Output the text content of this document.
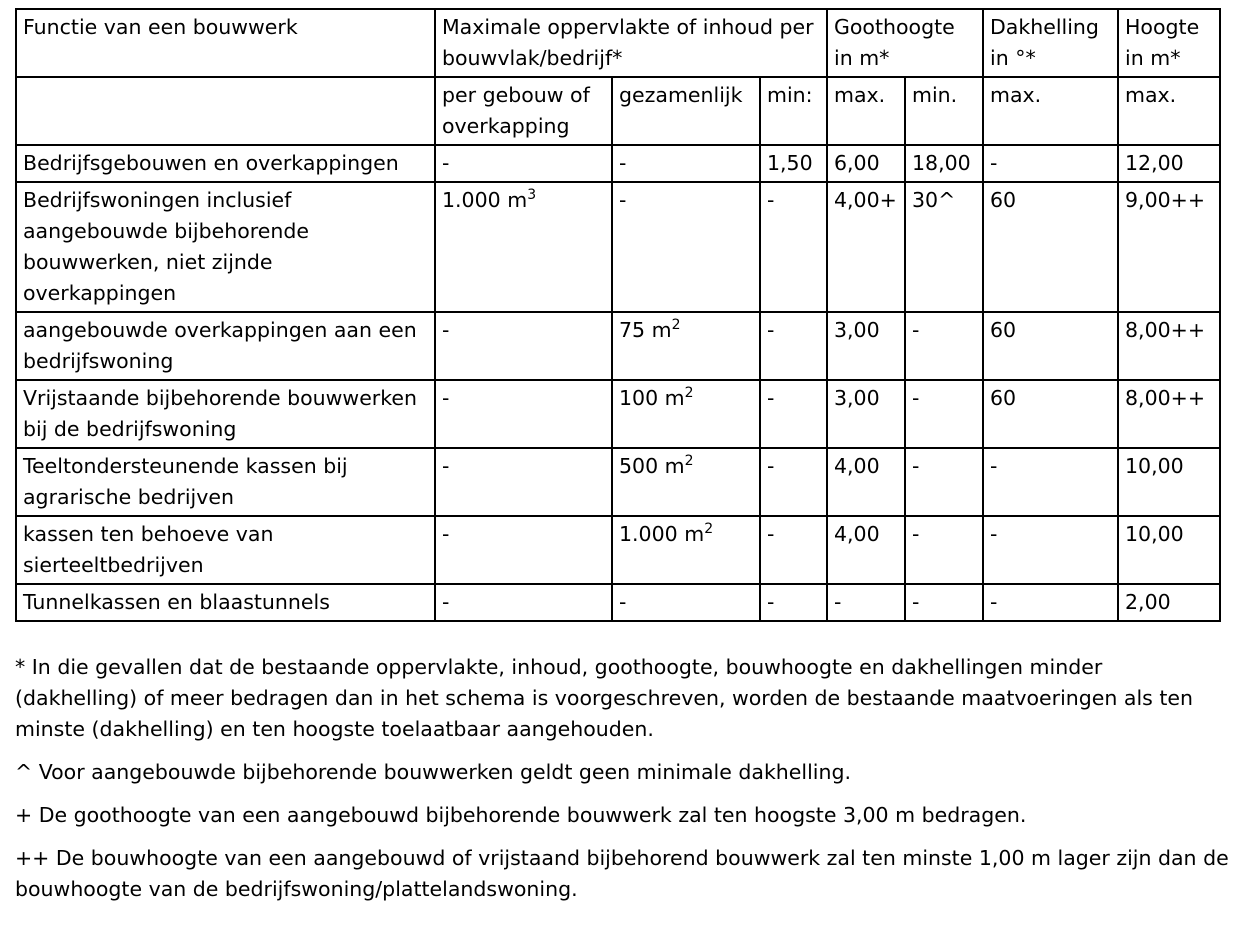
Functie van een bouwwerk	Maximale oppervlakte of inhoud per bouwvlak/bedrijf*			Goothoogte in m*		Dakhelling in °*	Hoogte in m*
	per gebouw of overkapping	gezamenlijk	min:	max.	min.	max.	max.
Bedrijfsgebouwen en overkappingen	-	-	1,50	6,00	18,00	-	12,00
Bedrijfswoningen inclusief aangebouwde bijbehorende bouwwerken, niet zijnde overkappingen	1.000 $m^3$	-	-	4,00+	30^	60	9,00++
aangebouwde overkappingen aan een bedrijfswoning	-	75 $m^2$	-	3,00	-	60	8,00++
Vrijstaande bijbehorende bouwwerken bij de bedrijfswoning	-	100 $m^2$	-	3,00	-	60	8,00++
Teeltondersteunende kassen bij agrarische bedrijven	-	500 $m^2$	-	4,00	-	-	10,00
kassen ten behoeve van sierteeltbedrijven	-	1.000 $m^2$	-	4,00	-	-	10,00
Tunnelkassen en blaastunnels	-	-	-	-	-	-	2,00

* In die gevallen dat de bestaande oppervlakte, inhoud, goothoogte, bouwhoogte en dakhellingen minder (dakhelling) of meer bedragen dan in het schema is voorgeschreven, worden de bestaande maatvoeringen als ten minste (dakhelling) en ten hoogste toelaatbaar aangehouden.

^ Voor aangebouwde bijbehorende bouwwerken geldt geen minimale dakhelling.

+ De goothoogte van een aangebouwd bijbehorende bouwwerk zal ten hoogste 3,00 m bedragen.

++ De bouwhoogte van een aangebouwd of vrijstaand bijbehorend bouwwerk zal ten minste 1,00 m lager zijn dan de bouwhoogte van de bedrijfswoning/plattelandswoning.
